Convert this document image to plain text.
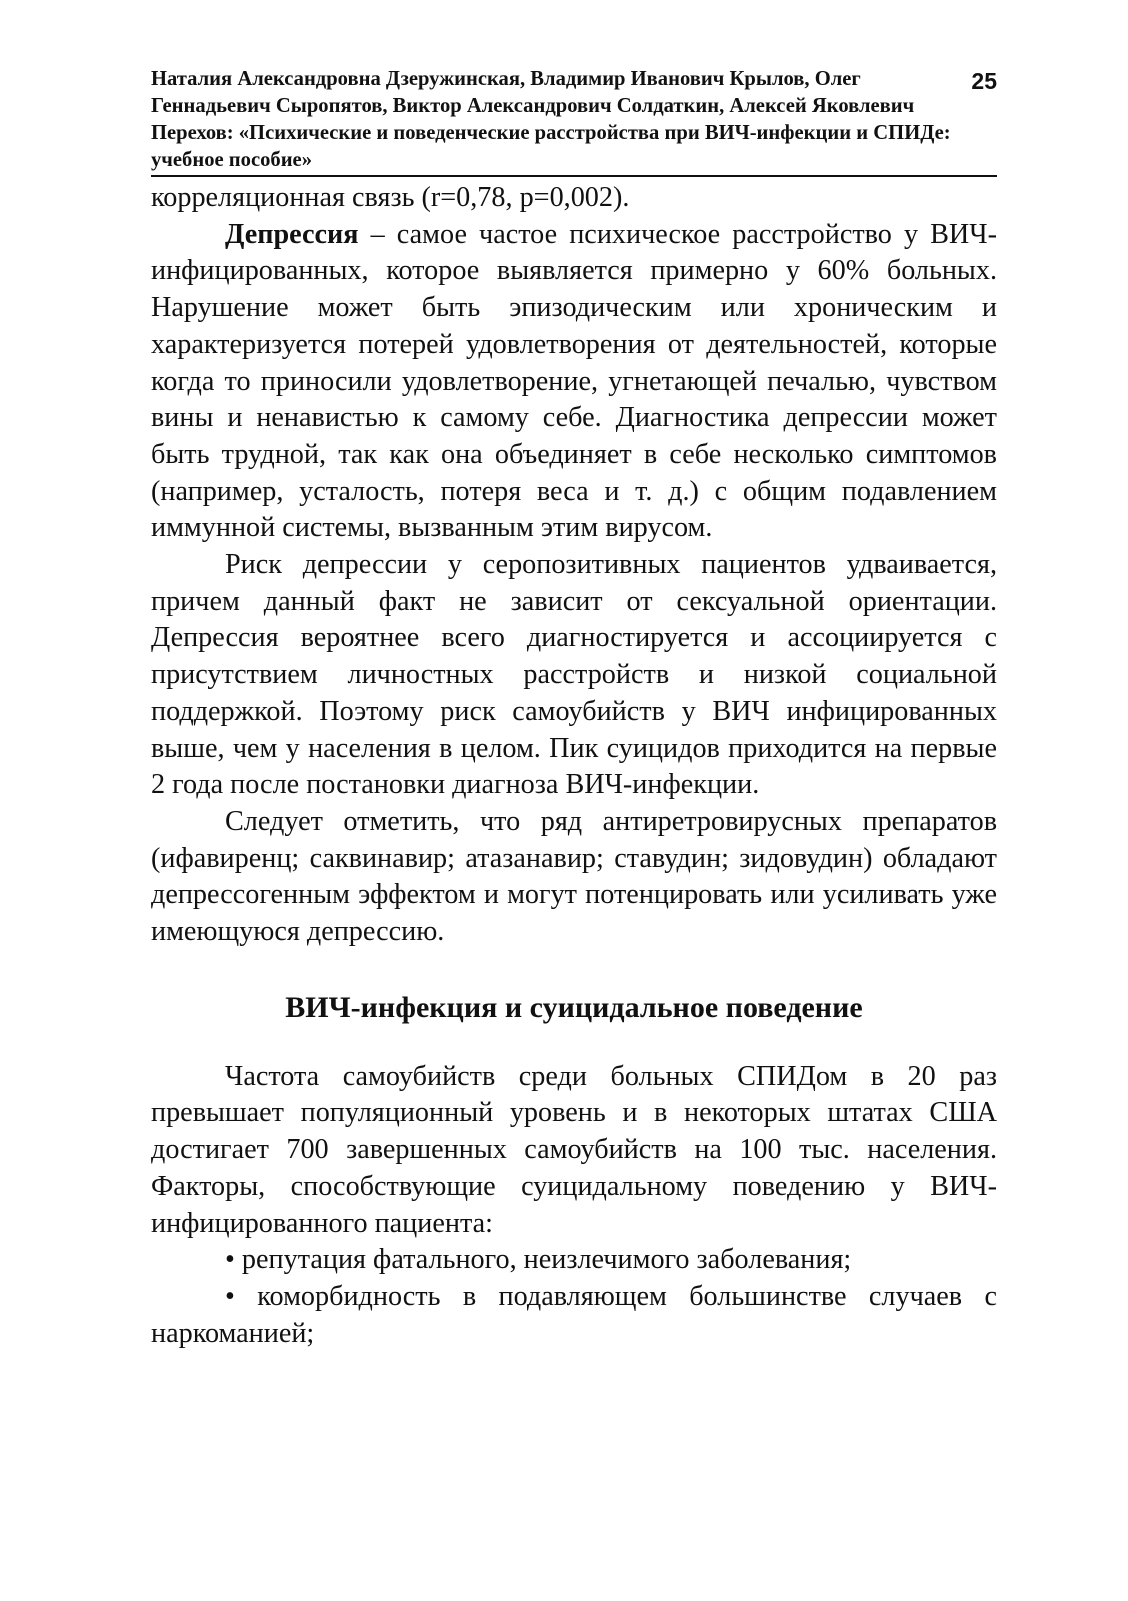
Наталия Александровна Дзеружинская, Владимир Иванович Крылов, Олег Геннадьевич Сыропятов, Виктор Александрович Солдаткин, Алексей Яковлевич Перехов: «Психические и поведенческие расстройства при ВИЧ-инфекции и СПИДе: учебное пособие»
25

корреляционная связь (r=0,78, p=0,002).

Депрессия – самое частое психическое расстройство у ВИЧ-инфицированных, которое выявляется примерно у 60% больных. Нарушение может быть эпизодическим или хроническим и характеризуется потерей удовлетворения от деятельностей, которые когда то приносили удовлетворение, угнетающей печалью, чувством вины и ненавистью к самому себе. Диагностика депрессии может быть трудной, так как она объединяет в себе несколько симптомов (например, усталость, потеря веса и т. д.) с общим подавлением иммунной системы, вызванным этим вирусом.

Риск депрессии у серопозитивных пациентов удваивается, причем данный факт не зависит от сексуальной ориентации. Депрессия вероятнее всего диагностируется и ассоциируется с присутствием личностных расстройств и низкой социальной поддержкой. Поэтому риск самоубийств у ВИЧ инфицированных выше, чем у населения в целом. Пик суицидов приходится на первые 2 года после постановки диагноза ВИЧ-инфекции.

Следует отметить, что ряд антиретровирусных препаратов (ифавиренц; саквинавир; атазанавир; ставудин; зидовудин) обладают депрессогенным эффектом и могут потенцировать или усиливать уже имеющуюся депрессию.

ВИЧ-инфекция и суицидальное поведение

Частота самоубийств среди больных СПИДом в 20 раз превышает популяционный уровень и в некоторых штатах США достигает 700 завершенных самоубийств на 100 тыс. населения. Факторы, способствующие суицидальному поведению у ВИЧ-инфицированного пациента:

• репутация фатального, неизлечимого заболевания;

• коморбидность в подавляющем большинстве случаев с наркоманией;
